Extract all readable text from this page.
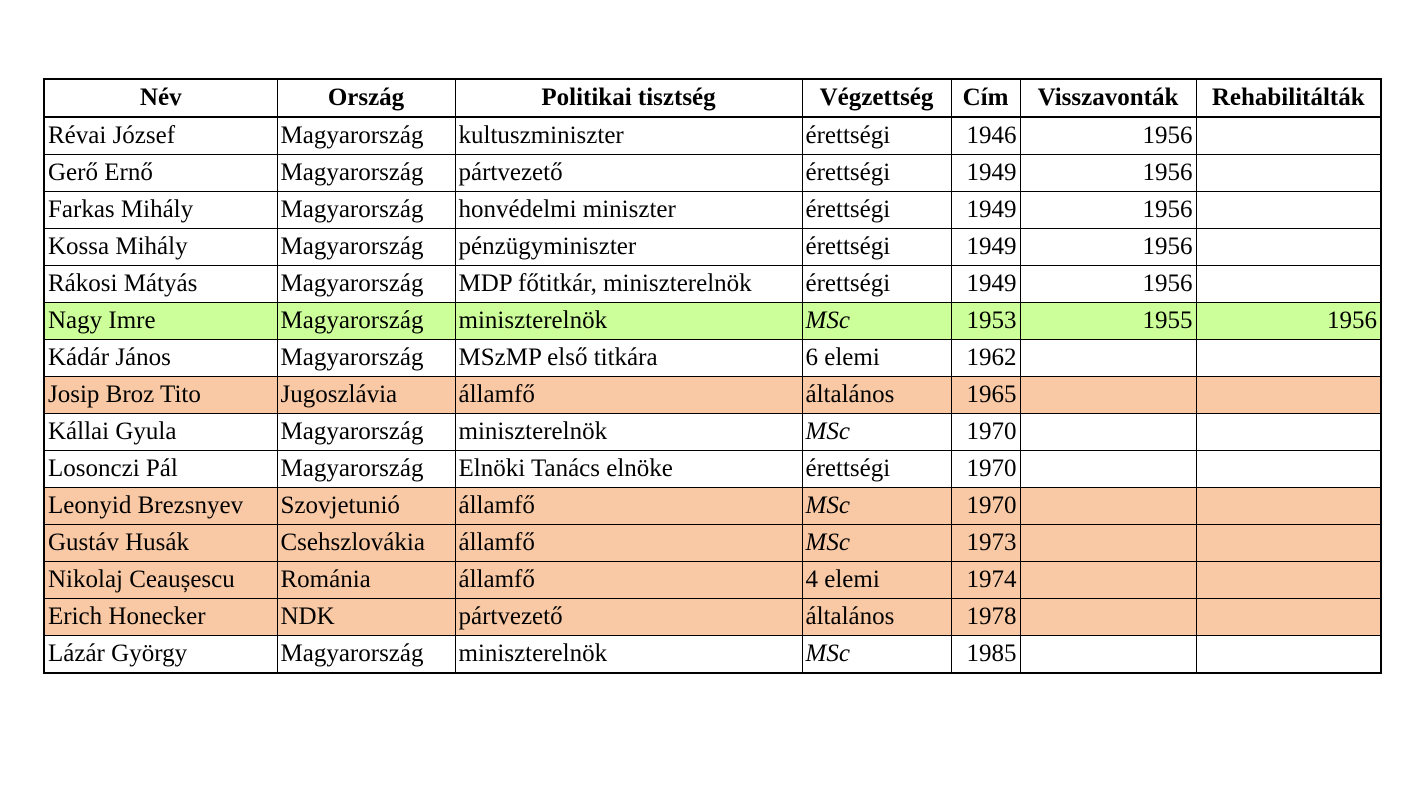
Név	Ország	Politikai tisztség	Végzettség	Cím	Visszavonták	Rehabilitálták
Révai József	Magyarország	kultuszminiszter	érettségi	1946	1956	
Gerő Ernő	Magyarország	pártvezető	érettségi	1949	1956	
Farkas Mihály	Magyarország	honvédelmi miniszter	érettségi	1949	1956	
Kossa Mihály	Magyarország	pénzügyminiszter	érettségi	1949	1956	
Rákosi Mátyás	Magyarország	MDP főtitkár, miniszterelnök	érettségi	1949	1956	
Nagy Imre	Magyarország	miniszterelnök	MSc	1953	1955	1956
Kádár János	Magyarország	MSzMP első titkára	6 elemi	1962		
Josip Broz Tito	Jugoszlávia	államfő	általános	1965		
Kállai Gyula	Magyarország	miniszterelnök	MSc	1970		
Losonczi Pál	Magyarország	Elnöki Tanács elnöke	érettségi	1970		
Leonyid Brezsnyev	Szovjetunió	államfő	MSc	1970		
Gustáv Husák	Csehszlovákia	államfő	MSc	1973		
Nikolaj Ceaușescu	Románia	államfő	4 elemi	1974		
Erich Honecker	NDK	pártvezető	általános	1978		
Lázár György	Magyarország	miniszterelnök	MSc	1985		
